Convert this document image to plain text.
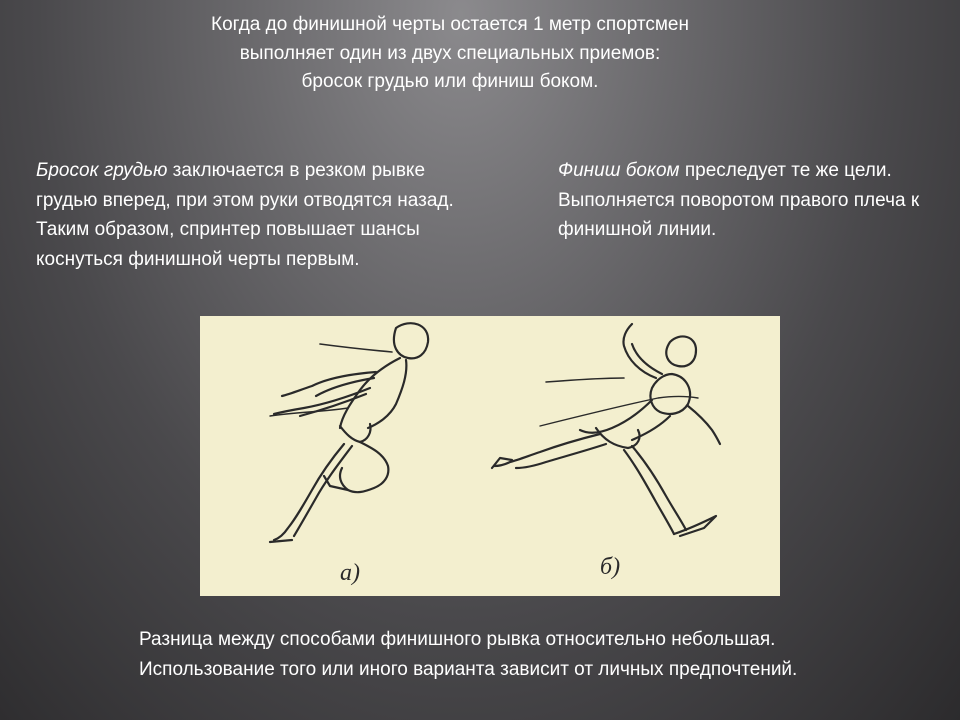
Когда до финишной черты остается 1 метр спортсмен выполняет один из двух специальных приемов: бросок грудью или финиш боком.

Бросок грудью заключается в резком рывке грудью вперед, при этом руки отводятся назад. Таким образом, спринтер повышает шансы коснуться финишной черты первым.

Финиш боком преследует те же цели. Выполняется поворотом правого плеча к финишной линии.

а)	б)

Разница между способами финишного рывка относительно небольшая. Использование того или иного варианта зависит от личных предпочтений.
